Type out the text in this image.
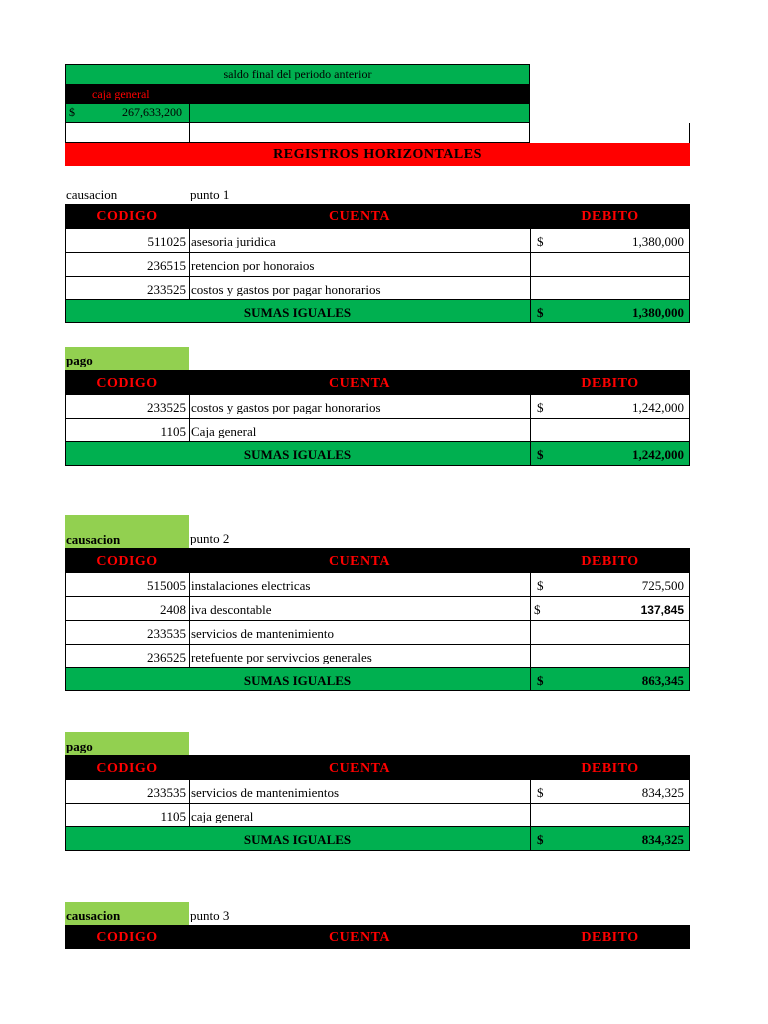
saldo final del periodo anterior
caja general
$	267,633,200
REGISTROS HORIZONTALES
causacion	punto 1
CODIGO	CUENTA	DEBITO
511025 asesoria juridica	$	1,380,000
236515 retencion por honoraios
233525 costos y gastos por pagar honorarios
SUMAS IGUALES	$	1,380,000
pago
CODIGO	CUENTA	DEBITO
233525 costos y gastos por pagar honorarios	$	1,242,000
1105 Caja general
SUMAS IGUALES	$	1,242,000
causacion	punto 2
CODIGO	CUENTA	DEBITO
515005 instalaciones electricas	$	725,500
2408 iva descontable	$	137,845
233535 servicios de mantenimiento
236525 retefuente por servivcios generales
SUMAS IGUALES	$	863,345
pago
CODIGO	CUENTA	DEBITO
233535 servicios de mantenimientos	$	834,325
1105 caja general
SUMAS IGUALES	$	834,325
causacion	punto 3
CODIGO	CUENTA	DEBITO
